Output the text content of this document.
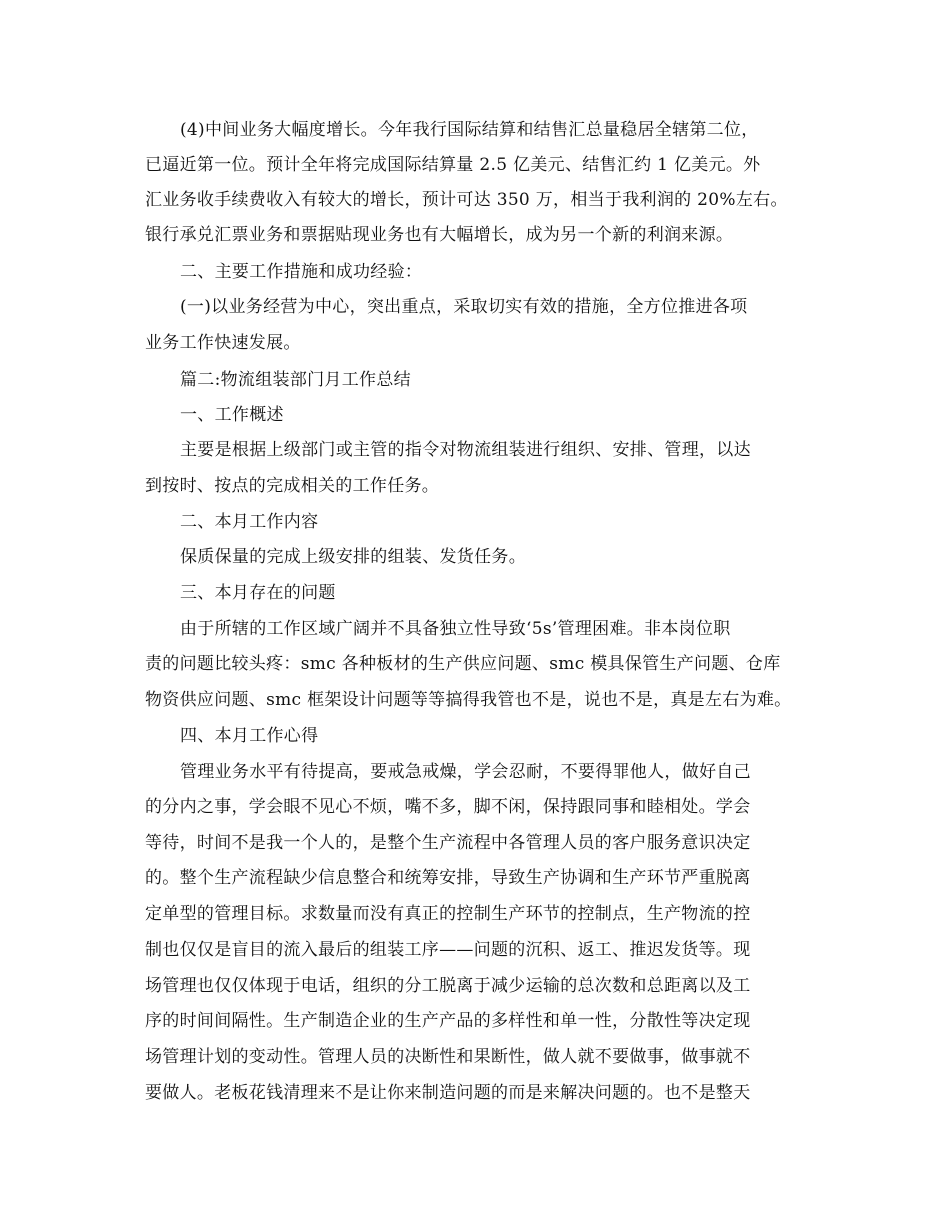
(4)中间业务大幅度增长。今年我行国际结算和结售汇总量稳居全辖第二位，
已逼近第一位。预计全年将完成国际结算量 2.5 亿美元、结售汇约 1 亿美元。外
汇业务收手续费收入有较大的增长，预计可达 350 万，相当于我利润的 20%左右。
银行承兑汇票业务和票据贴现业务也有大幅增长，成为另一个新的利润来源。
二、主要工作措施和成功经验：
(一)以业务经营为中心，突出重点，采取切实有效的措施，全方位推进各项
业务工作快速发展。
篇二:物流组装部门月工作总结
一、工作概述
主要是根据上级部门或主管的指令对物流组装进行组织、安排、管理，以达
到按时、按点的完成相关的工作任务。
二、本月工作内容
保质保量的完成上级安排的组装、发货任务。
三、本月存在的问题
由于所辖的工作区域广阔并不具备独立性导致‘5s’管理困难。非本岗位职
责的问题比较头疼：smc 各种板材的生产供应问题、smc 模具保管生产问题、仓库
物资供应问题、smc 框架设计问题等等搞得我管也不是，说也不是，真是左右为难。
四、本月工作心得
管理业务水平有待提高，要戒急戒燥，学会忍耐，不要得罪他人，做好自己
的分内之事，学会眼不见心不烦，嘴不多，脚不闲，保持跟同事和睦相处。学会
等待，时间不是我一个人的，是整个生产流程中各管理人员的客户服务意识决定
的。整个生产流程缺少信息整合和统筹安排，导致生产协调和生产环节严重脱离
定单型的管理目标。求数量而没有真正的控制生产环节的控制点，生产物流的控
制也仅仅是盲目的流入最后的组装工序——问题的沉积、返工、推迟发货等。现
场管理也仅仅体现于电话，组织的分工脱离于减少运输的总次数和总距离以及工
序的时间间隔性。生产制造企业的生产产品的多样性和单一性，分散性等决定现
场管理计划的变动性。管理人员的决断性和果断性，做人就不要做事，做事就不
要做人。老板花钱清理来不是让你来制造问题的而是来解决问题的。也不是整天
